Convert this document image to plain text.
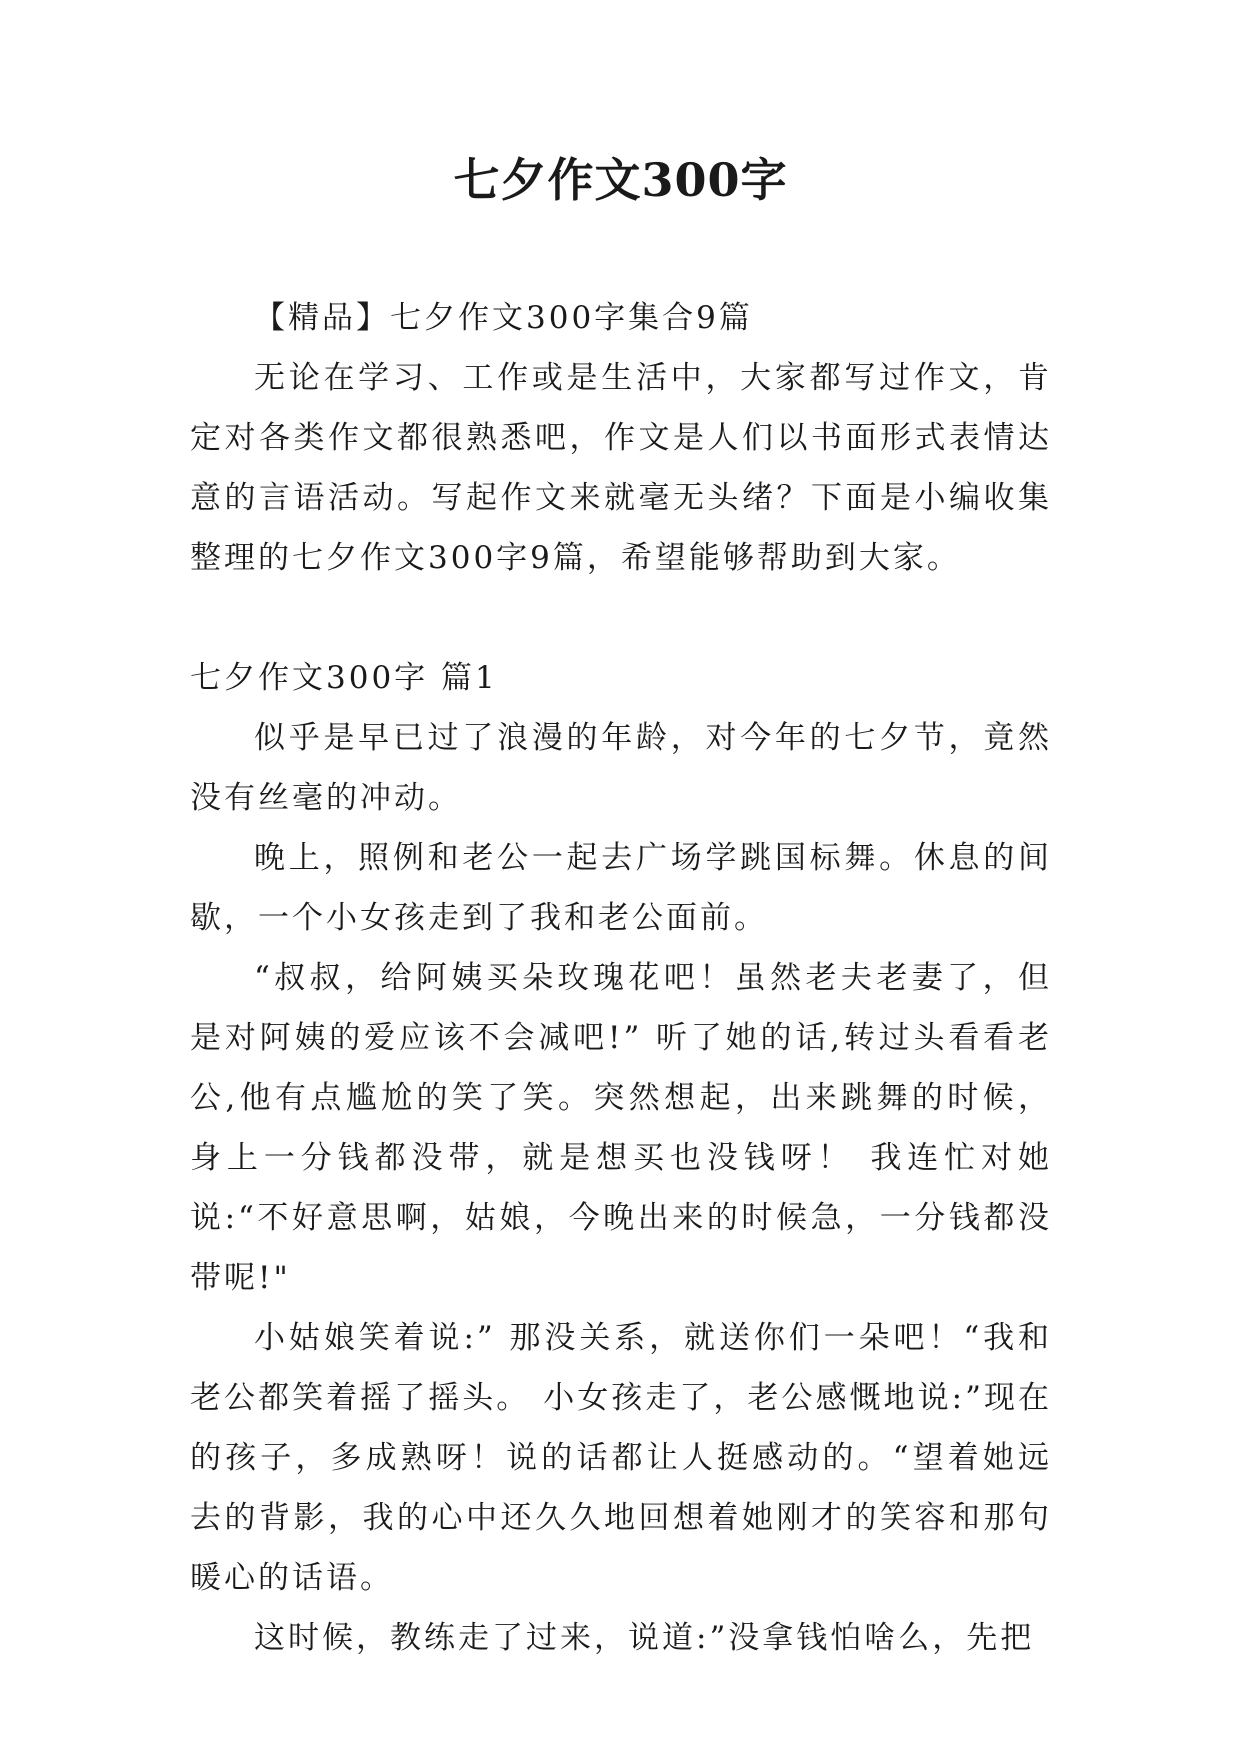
七夕作文300字

【精品】七夕作文300字集合9篇

无论在学习、工作或是生活中，大家都写过作文，肯定对各类作文都很熟悉吧，作文是人们以书面形式表情达意的言语活动。写起作文来就毫无头绪？下面是小编收集整理的七夕作文300字9篇，希望能够帮助到大家。

七夕作文300字 篇1

似乎是早已过了浪漫的年龄，对今年的七夕节，竟然没有丝毫的冲动。

晚上，照例和老公一起去广场学跳国标舞。休息的间歇，一个小女孩走到了我和老公面前。

“叔叔，给阿姨买朵玫瑰花吧！虽然老夫老妻了，但是对阿姨的爱应该不会减吧!” 听了她的话,转过头看看老公,他有点尴尬的笑了笑。突然想起，出来跳舞的时候，身上一分钱都没带，就是想买也没钱呀！ 我连忙对她说:“不好意思啊，姑娘，今晚出来的时候急，一分钱都没带呢!"

小姑娘笑着说:” 那没关系，就送你们一朵吧！“我和老公都笑着摇了摇头。 小女孩走了，老公感慨地说:”现在的孩子，多成熟呀！说的话都让人挺感动的。“望着她远去的背影，我的心中还久久地回想着她刚才的笑容和那句暖心的话语。

这时候，教练走了过来，说道:”没拿钱怕啥么，先把
